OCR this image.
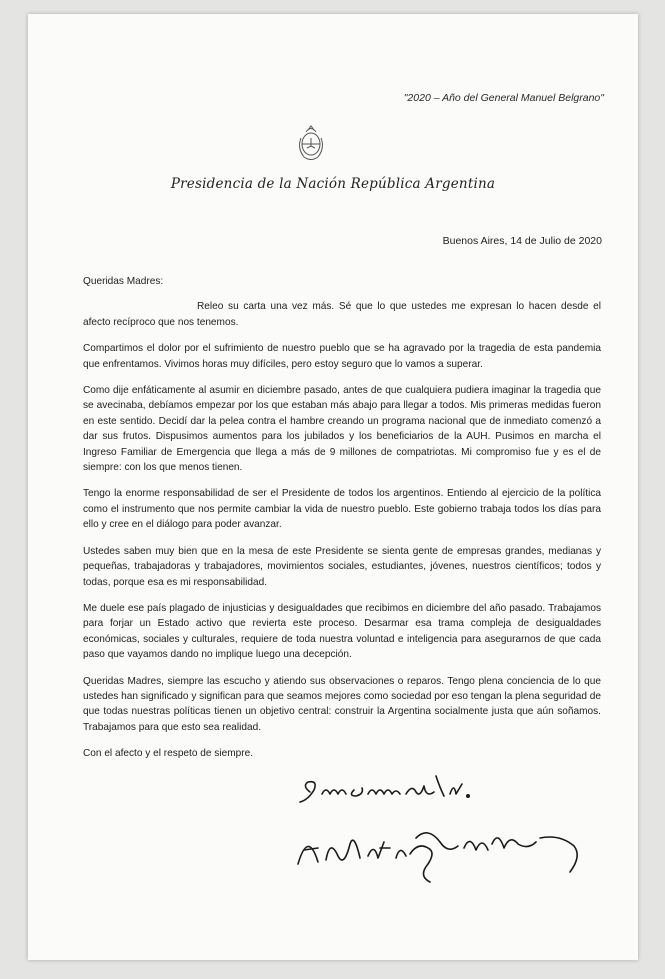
"2020 – Año del General Manuel Belgrano"
Presidencia de la Nación República Argentina
Buenos Aires, 14 de Julio de 2020

Queridas Madres:

Releo su carta una vez más. Sé que lo que ustedes me expresan lo hacen desde el afecto recíproco que nos tenemos.

Compartimos el dolor por el sufrimiento de nuestro pueblo que se ha agravado por la tragedia de esta pandemia que enfrentamos. Vivimos horas muy difíciles, pero estoy seguro que lo vamos a superar.

Como dije enfáticamente al asumir en diciembre pasado, antes de que cualquiera pudiera imaginar la tragedia que se avecinaba, debíamos empezar por los que estaban más abajo para llegar a todos. Mis primeras medidas fueron en este sentido. Decidí dar la pelea contra el hambre creando un programa nacional que de inmediato comenzó a dar sus frutos. Dispusimos aumentos para los jubilados y los beneficiarios de la AUH. Pusimos en marcha el Ingreso Familiar de Emergencia que llega a más de 9 millones de compatriotas. Mi compromiso fue y es el de siempre: con los que menos tienen.

Tengo la enorme responsabilidad de ser el Presidente de todos los argentinos. Entiendo al ejercicio de la política como el instrumento que nos permite cambiar la vida de nuestro pueblo. Este gobierno trabaja todos los días para ello y cree en el diálogo para poder avanzar.

Ustedes saben muy bien que en la mesa de este Presidente se sienta gente de empresas grandes, medianas y pequeñas, trabajadoras y trabajadores, movimientos sociales, estudiantes, jóvenes, nuestros científicos; todos y todas, porque esa es mi responsabilidad.

Me duele ese país plagado de injusticias y desigualdades que recibimos en diciembre del año pasado. Trabajamos para forjar un Estado activo que revierta este proceso. Desarmar esa trama compleja de desigualdades económicas, sociales y culturales, requiere de toda nuestra voluntad e inteligencia para asegurarnos de que cada paso que vayamos dando no implique luego una decepción.

Queridas Madres, siempre las escucho y atiendo sus observaciones o reparos. Tengo plena conciencia de lo que ustedes han significado y significan para que seamos mejores como sociedad por eso tengan la plena seguridad de que todas nuestras políticas tienen un objetivo central: construir la Argentina socialmente justa que aún soñamos. Trabajamos para que esto sea realidad.

Con el afecto y el respeto de siempre.
